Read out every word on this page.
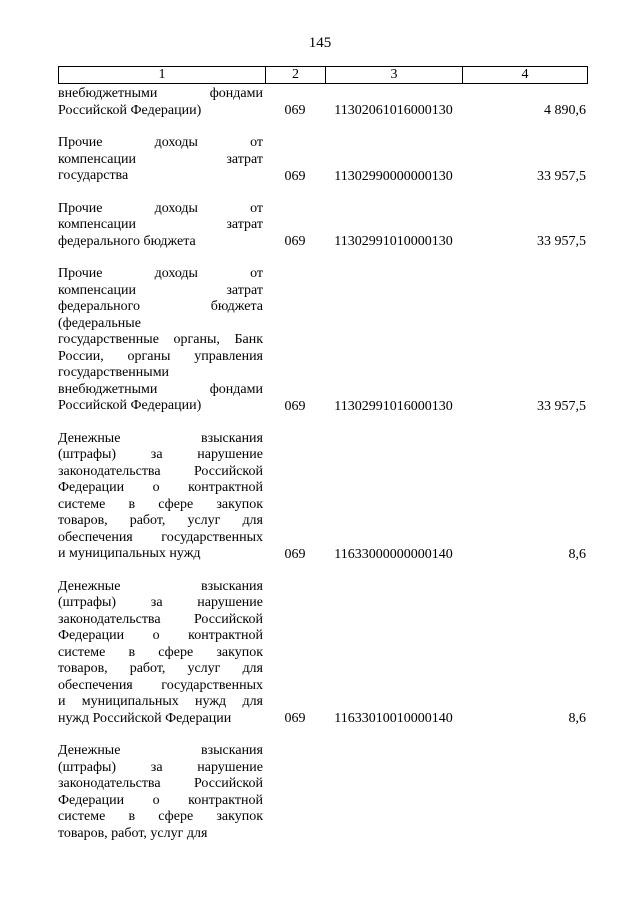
145
1	2	3	4
внебюджетными фондами
Российской Федерации)	069	11302061016000130	4 890,6
Прочие доходы от
компенсации затрат
государства	069	11302990000000130	33 957,5
Прочие доходы от
компенсации затрат
федерального бюджета	069	11302991010000130	33 957,5
Прочие доходы от
компенсации затрат
федерального бюджета
(федеральные
государственные органы, Банк
России, органы управления
государственными
внебюджетными фондами
Российской Федерации)	069	11302991016000130	33 957,5
Денежные взыскания
(штрафы) за нарушение
законодательства Российской
Федерации о контрактной
системе в сфере закупок
товаров, работ, услуг для
обеспечения государственных
и муниципальных нужд	069	11633000000000140	8,6
Денежные взыскания
(штрафы) за нарушение
законодательства Российской
Федерации о контрактной
системе в сфере закупок
товаров, работ, услуг для
обеспечения государственных
и муниципальных нужд для
нужд Российской Федерации	069	11633010010000140	8,6
Денежные взыскания
(штрафы) за нарушение
законодательства Российской
Федерации о контрактной
системе в сфере закупок
товаров, работ, услуг для
